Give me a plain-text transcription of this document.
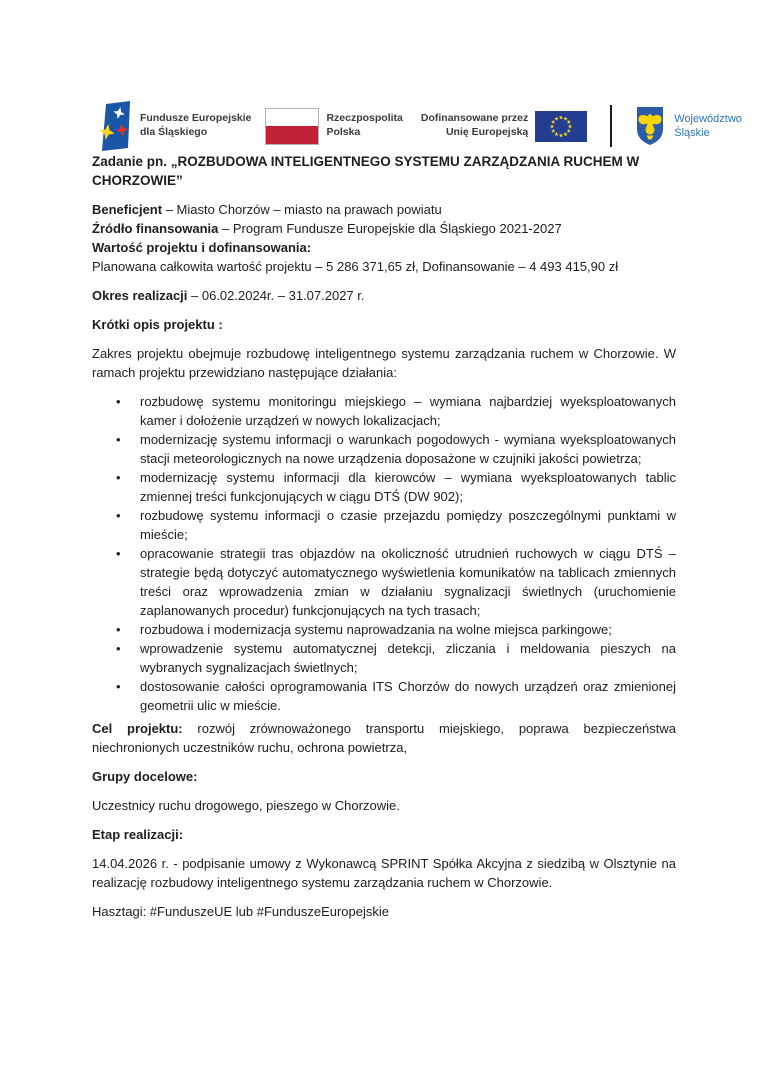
Fundusze Europejskie
dla Śląskiego
Rzeczpospolita
Polska
Dofinansowane przez
Unię Europejską
Województwo
Śląskie

Zadanie pn. „ROZBUDOWA INTELIGENTNEGO SYSTEMU ZARZĄDZANIA RUCHEM W CHORZOWIE”

Beneficjent – Miasto Chorzów – miasto na prawach powiatu

Źródło finansowania – Program Fundusze Europejskie dla Śląskiego 2021-2027

Wartość projektu i dofinansowania:

Planowana całkowita wartość projektu – 5 286 371,65 zł, Dofinansowanie – 4 493 415,90 zł

Okres realizacji – 06.02.2024r. – 31.07.2027 r.

Krótki opis projektu :

Zakres projektu obejmuje rozbudowę inteligentnego systemu zarządzania ruchem w Chorzowie. W ramach projektu przewidziano następujące działania:

• rozbudowę systemu monitoringu miejskiego – wymiana najbardziej wyeksploatowanych kamer i dołożenie urządzeń w nowych lokalizacjach;
• modernizację systemu informacji o warunkach pogodowych - wymiana wyeksploatowanych stacji meteorologicznych na nowe urządzenia doposażone w czujniki jakości powietrza;
• modernizację systemu informacji dla kierowców – wymiana wyeksploatowanych tablic zmiennej treści funkcjonujących w ciągu DTŚ (DW 902);
• rozbudowę systemu informacji o czasie przejazdu pomiędzy poszczególnymi punktami w mieście;
• opracowanie strategii tras objazdów na okoliczność utrudnień ruchowych w ciągu DTŚ – strategie będą dotyczyć automatycznego wyświetlenia komunikatów na tablicach zmiennych treści oraz wprowadzenia zmian w działaniu sygnalizacji świetlnych (uruchomienie zaplanowanych procedur) funkcjonujących na tych trasach;
• rozbudowa i modernizacja systemu naprowadzania na wolne miejsca parkingowe;
• wprowadzenie systemu automatycznej detekcji, zliczania i meldowania pieszych na wybranych sygnalizacjach świetlnych;
• dostosowanie całości oprogramowania ITS Chorzów do nowych urządzeń oraz zmienionej geometrii ulic w mieście.

Cel projektu: rozwój zrównoważonego transportu miejskiego, poprawa bezpieczeństwa niechronionych uczestników ruchu, ochrona powietrza,

Grupy docelowe:

Uczestnicy ruchu drogowego, pieszego w Chorzowie.

Etap realizacji:

14.04.2026 r. - podpisanie umowy z Wykonawcą SPRINT Spółka Akcyjna z siedzibą w Olsztynie na realizację rozbudowy inteligentnego systemu zarządzania ruchem w Chorzowie.

Hasztagi: #FunduszeUE lub #FunduszeEuropejskie
